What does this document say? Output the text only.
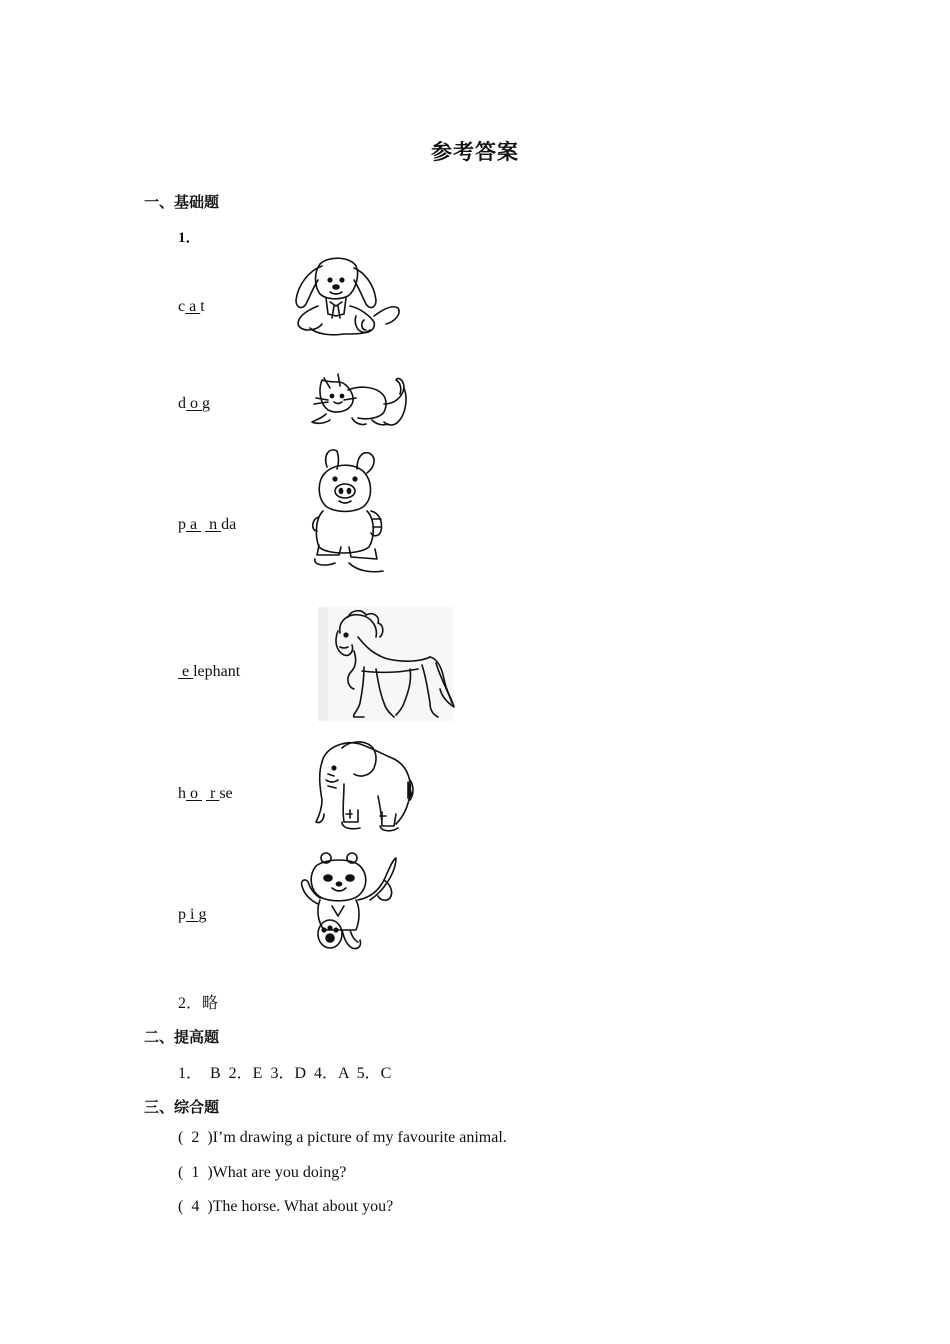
参考答案
一、基础题
1．
c a t
d o g
p a   n da
e lephant
h o   r se
p i g
2．略
二、提高题
1．  B  2．E  3．D  4．A  5．C
三、综合题
(  2  )I’m drawing a picture of my favourite animal.
(  1  )What are you doing?
(  4  )The horse. What about you?
